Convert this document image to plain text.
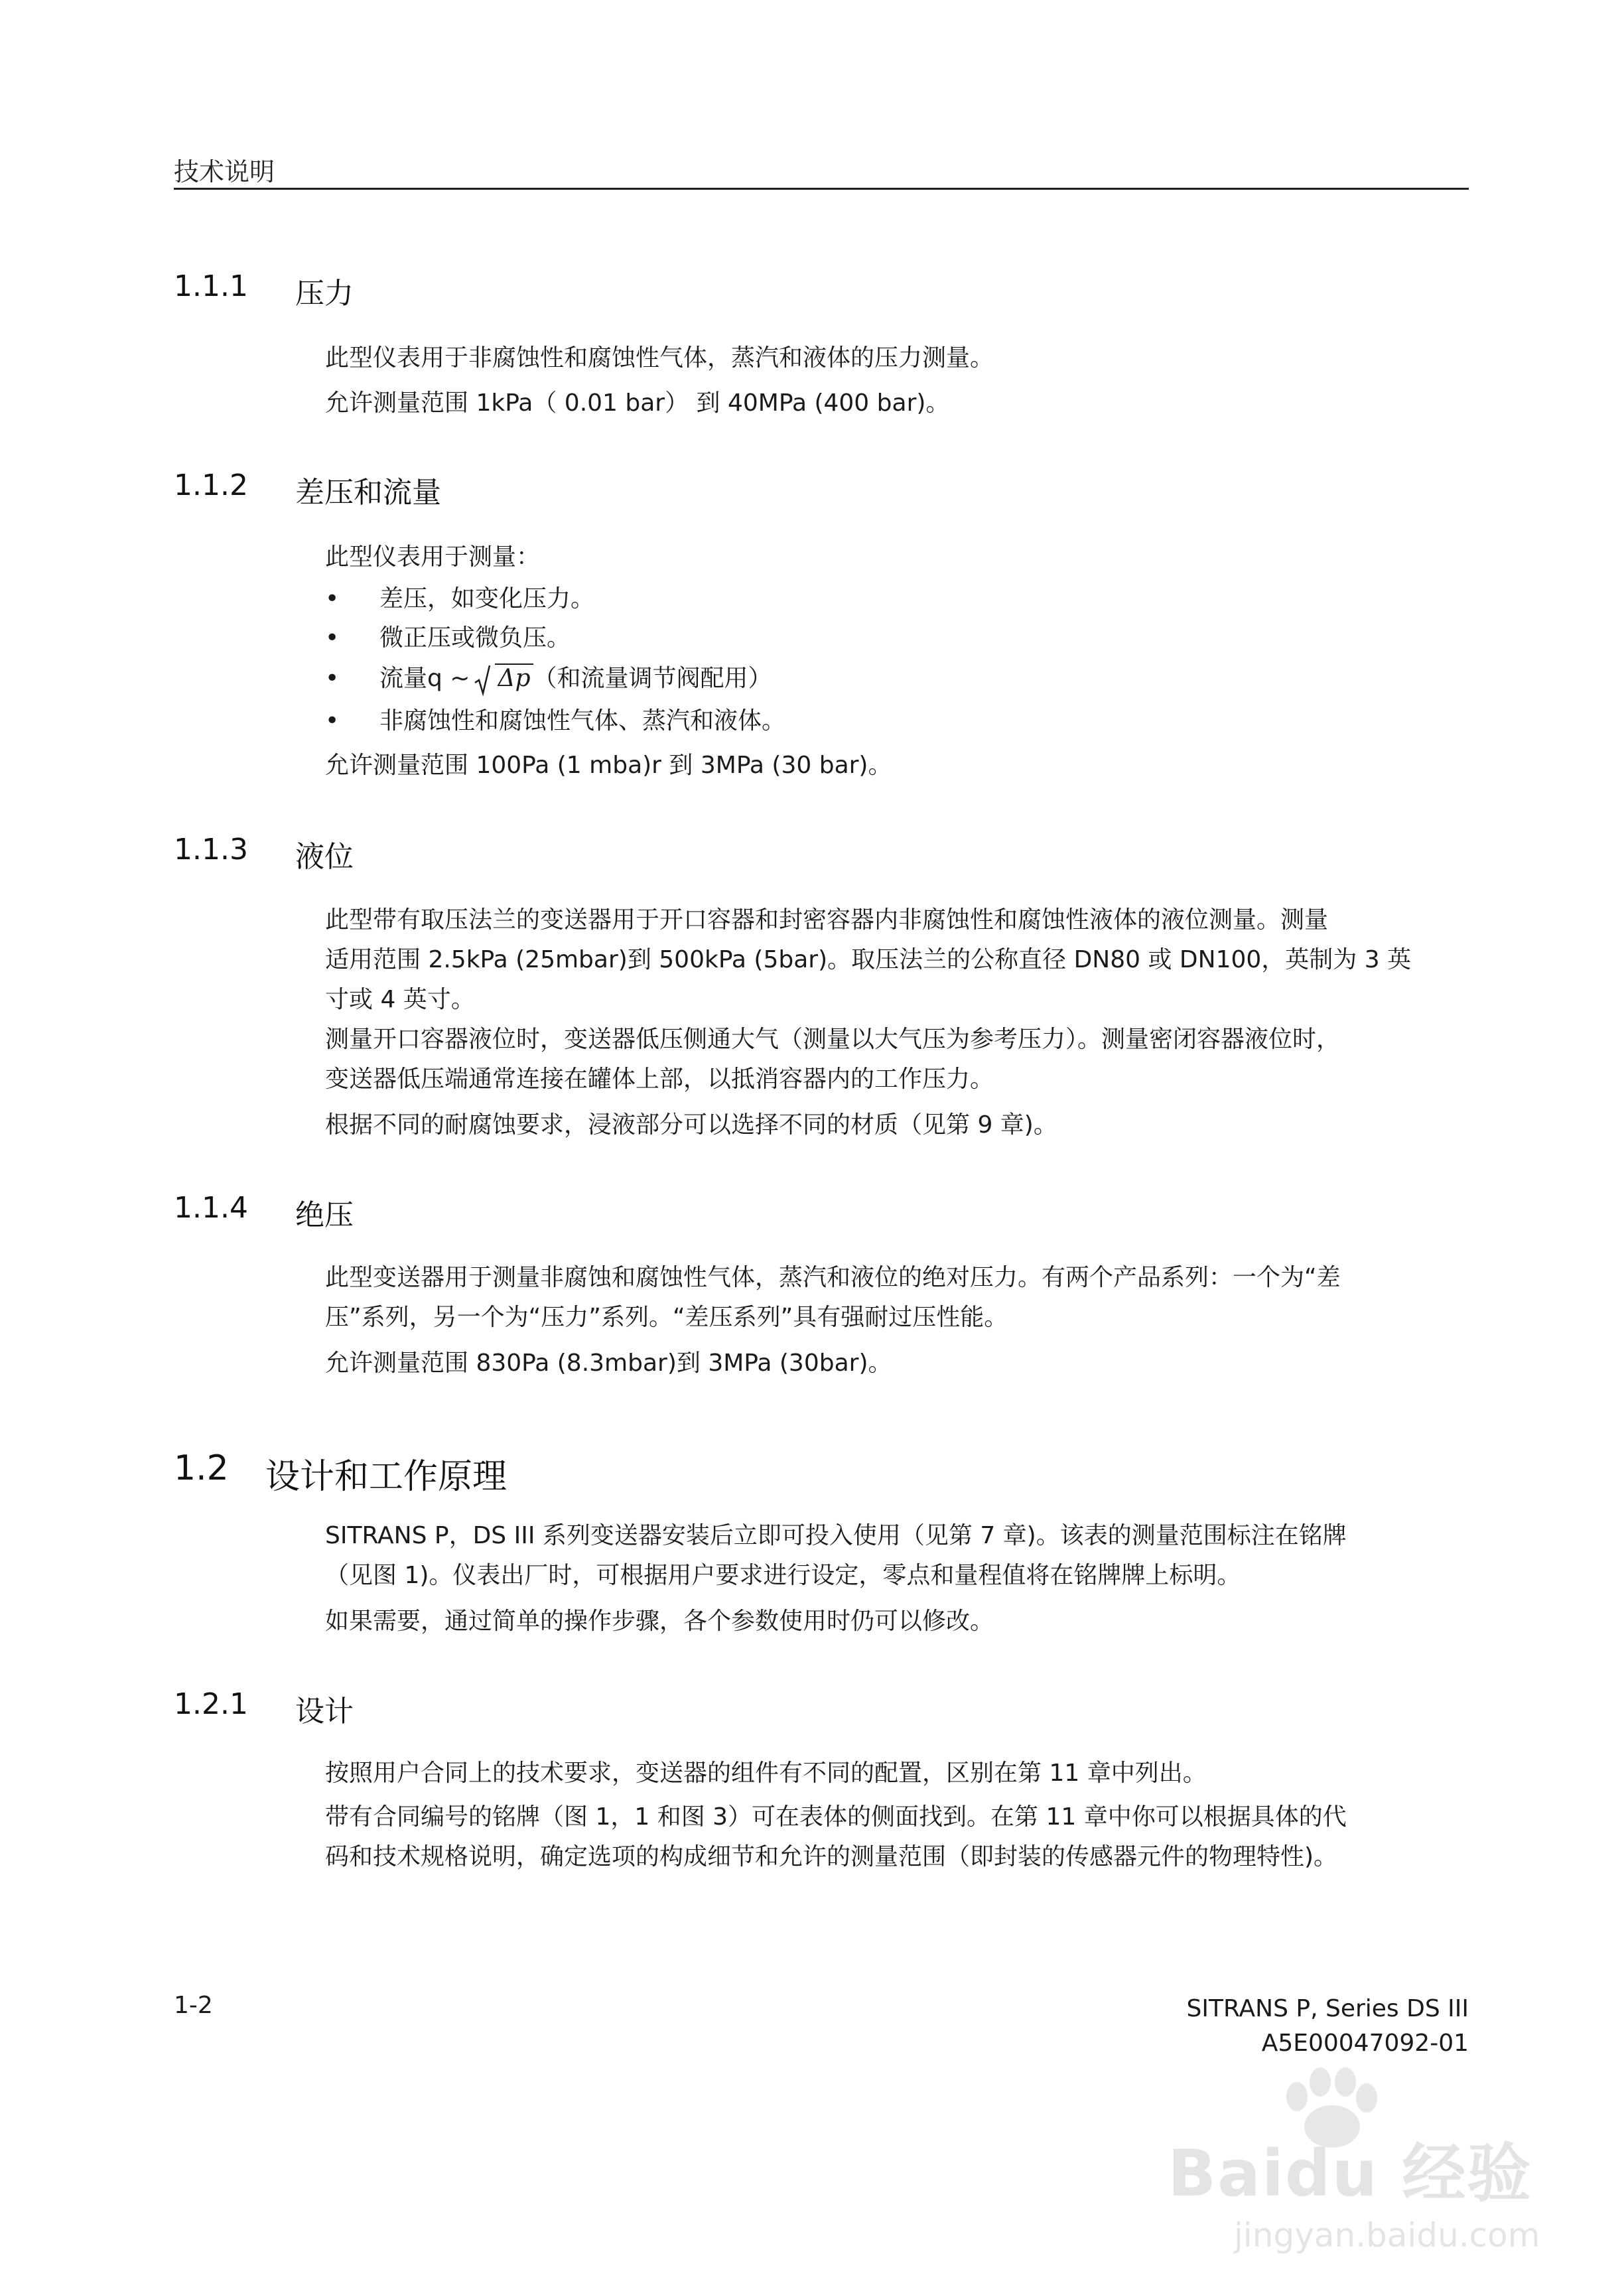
技术说明
1.1.1 压力
此型仪表用于非腐蚀性和腐蚀性气体，蒸汽和液体的压力测量。
允许测量范围 1kPa（ 0.01 bar） 到 40MPa (400 bar)。
1.1.2 差压和流量
此型仪表用于测量：
• 差压，如变化压力。
• 微正压或微负压。
• 流量q ~ Δp （和流量调节阀配用）
• 非腐蚀性和腐蚀性气体、蒸汽和液体。
允许测量范围 100Pa (1 mba)r 到 3MPa (30 bar)。
1.1.3 液位
此型带有取压法兰的变送器用于开口容器和封密容器内非腐蚀性和腐蚀性液体的液位测量。测量
适用范围 2.5kPa (25mbar)到 500kPa (5bar)。取压法兰的公称直径 DN80 或 DN100，英制为 3 英
寸或 4 英寸。
测量开口容器液位时，变送器低压侧通大气（测量以大气压为参考压力）。测量密闭容器液位时，
变送器低压端通常连接在罐体上部，以抵消容器内的工作压力。
根据不同的耐腐蚀要求，浸液部分可以选择不同的材质（见第 9 章)。
1.1.4 绝压
此型变送器用于测量非腐蚀和腐蚀性气体，蒸汽和液位的绝对压力。有两个产品系列：一个为“差
压”系列，另一个为“压力”系列。“差压系列”具有强耐过压性能。
允许测量范围 830Pa (8.3mbar)到 3MPa (30bar)。
1.2 设计和工作原理
SITRANS P，DS III 系列变送器安装后立即可投入使用（见第 7 章)。该表的测量范围标注在铭牌
（见图 1)。仪表出厂时，可根据用户要求进行设定，零点和量程值将在铭牌牌上标明。
如果需要，通过简单的操作步骤，各个参数使用时仍可以修改。
1.2.1 设计
按照用户合同上的技术要求，变送器的组件有不同的配置，区别在第 11 章中列出。
带有合同编号的铭牌（图 1，1 和图 3）可在表体的侧面找到。在第 11 章中你可以根据具体的代
码和技术规格说明，确定选项的构成细节和允许的测量范围（即封装的传感器元件的物理特性)。
1-2	SITRANS P, Series DS III
A5E00047092-01
Baidu 经验
jingyan.baidu.com
